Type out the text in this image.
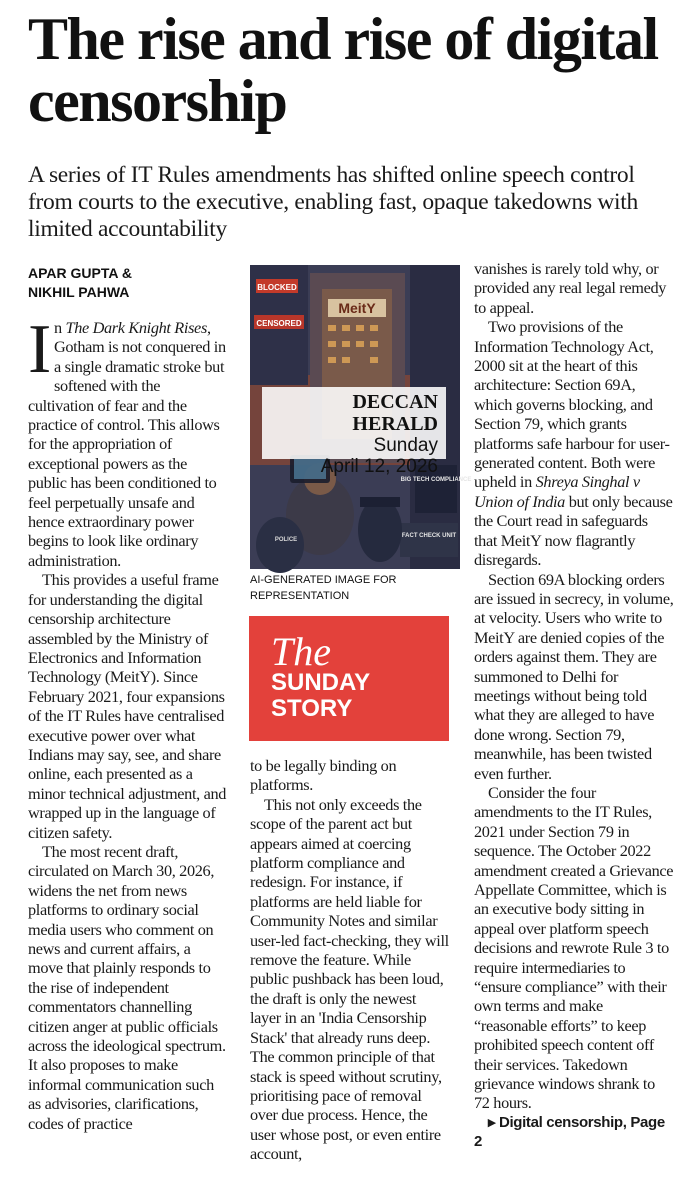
The rise and rise of digital censorship
A series of IT Rules amendments has shifted online speech control from courts to the executive, enabling fast, opaque takedowns with limited accountability
APAR GUPTA &
NIKHIL PAHWA

In The Dark Knight Rises, Gotham is not conquered in a single dramatic stroke but softened with the cultivation of fear and the practice of control. This allows for the appropriation of exceptional powers as the public has been conditioned to feel perpetually unsafe and hence extraordinary power begins to look like ordinary administration.

This provides a useful frame for understanding the digital censorship architecture assembled by the Ministry of Electronics and Information Technology (MeitY). Since February 2021, four expansions of the IT Rules have centralised executive power over what Indians may say, see, and share online, each presented as a minor technical adjustment, and wrapped up in the language of citizen safety.

The most recent draft, circulated on March 30, 2026, widens the net from news platforms to ordinary social media users who comment on news and current affairs, a move that plainly responds to the rise of independent commentators channelling citizen anger at public officials across the ideological spectrum. It also proposes to make informal communication such as advisories, clarifications, codes of practice

MeitY
BLOCKED
CENSORED
BIG TECH COMPLIANCE
FACT CHECK UNIT
POLICE
DECCAN HERALD
Sunday
April 12, 2026
AI-GENERATED IMAGE FOR
REPRESENTATION
The
SUNDAY
STORY

to be legally binding on platforms.

This not only exceeds the scope of the parent act but appears aimed at coercing platform compliance and redesign. For instance, if platforms are held liable for Community Notes and similar user-led fact-checking, they will remove the feature. While public pushback has been loud, the draft is only the newest layer in an 'India Censorship Stack' that already runs deep. The common principle of that stack is speed without scrutiny, prioritising pace of removal over due process. Hence, the user whose post, or even entire account,

vanishes is rarely told why, or provided any real legal remedy to appeal.

Two provisions of the Information Technology Act, 2000 sit at the heart of this architecture: Section 69A, which governs blocking, and Section 79, which grants platforms safe harbour for user-generated content. Both were upheld in Shreya Singhal v Union of India but only because the Court read in safeguards that MeitY now flagrantly disregards.

Section 69A blocking orders are issued in secrecy, in volume, at velocity. Users who write to MeitY are denied copies of the orders against them. They are summoned to Delhi for meetings without being told what they are alleged to have done wrong. Section 79, meanwhile, has been twisted even further.

Consider the four amendments to the IT Rules, 2021 under Section 79 in sequence. The October 2022 amendment created a Grievance Appellate Committee, which is an executive body sitting in appeal over platform speech decisions and rewrote Rule 3 to require intermediaries to “ensure compliance” with their own terms and make “reasonable efforts” to keep prohibited speech content off their services. Takedown grievance windows shrank to 72 hours.

▸ Digital censorship, Page 2
